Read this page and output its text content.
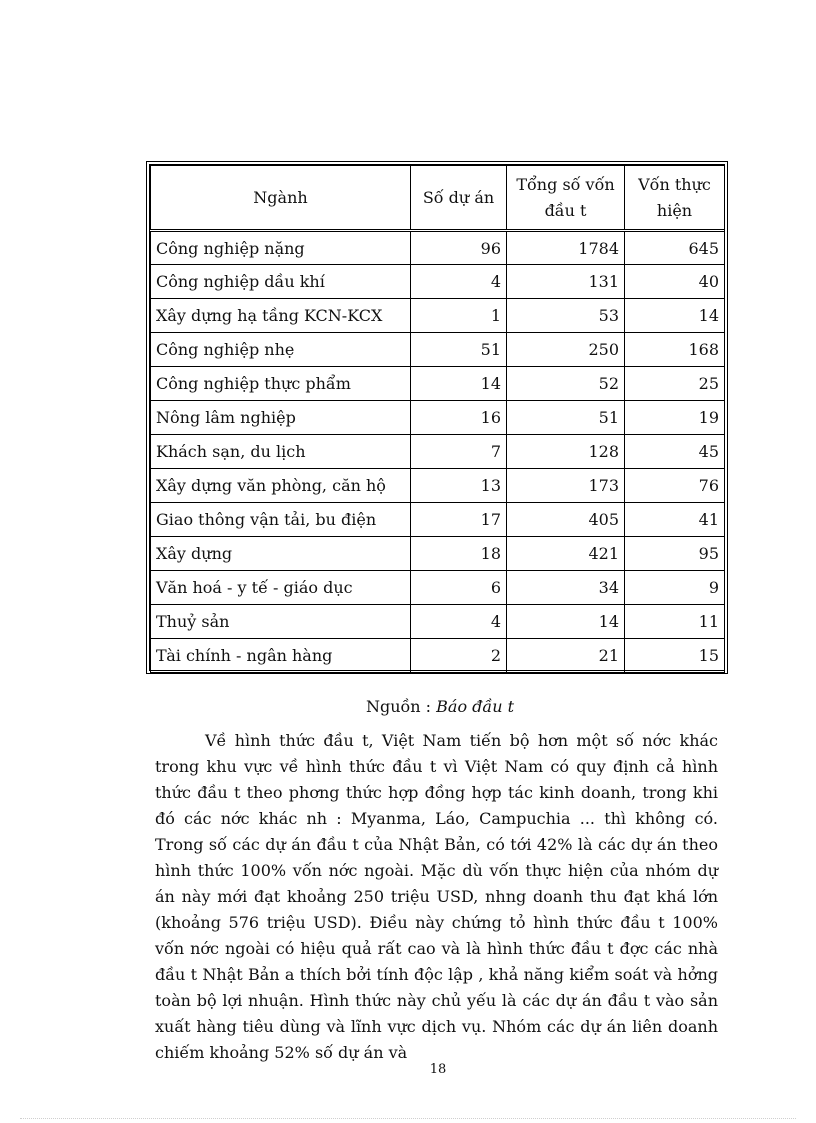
Ngành	Số dự án	Tổng số vốn đầu t	Vốn thực hiện
Công nghiệp nặng	96	1784	645
Công nghiệp dầu khí	4	131	40
Xây dựng hạ tầng KCN-KCX	1	53	14
Công nghiệp nhẹ	51	250	168
Công nghiệp thực phẩm	14	52	25
Nông lâm nghiệp	16	51	19
Khách sạn, du lịch	7	128	45
Xây dựng văn phòng, căn hộ	13	173	76
Giao thông vận tải, bu điện	17	405	41
Xây dựng	18	421	95
Văn hoá - y tế - giáo dục	6	34	9
Thuỷ sản	4	14	11
Tài chính - ngân hàng	2	21	15
Nguồn : Báo đầu t
Về hình thức đầu t, Việt Nam tiến bộ hơn một số nớc khác trong khu vực về hình thức đầu t vì Việt Nam có quy định cả hình thức đầu t theo phơng thức hợp đồng hợp tác kinh doanh, trong khi đó các nớc khác nh : Myanma, Láo, Campuchia ... thì không có. Trong số các dự án đầu t của Nhật Bản, có tới 42% là các dự án theo hình thức 100% vốn nớc ngoài. Mặc dù vốn thực hiện của nhóm dự án này mới đạt khoảng 250 triệu USD, nhng doanh thu đạt khá lớn (khoảng 576 triệu USD). Điều này chứng tỏ hình thức đầu t 100% vốn nớc ngoài có hiệu quả rất cao và là hình thức đầu t đợc các nhà đầu t Nhật Bản a thích bởi tính độc lập , khả năng kiểm soát và hởng toàn bộ lợi nhuận. Hình thức này chủ yếu là các dự án đầu t vào sản xuất hàng tiêu dùng và lĩnh vực dịch vụ. Nhóm các dự án liên doanh chiếm khoảng 52% số dự án và
18
